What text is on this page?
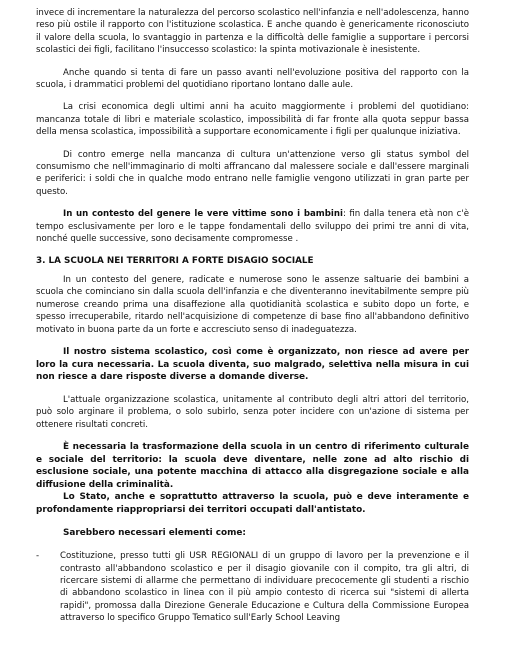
invece di incrementare la naturalezza del percorso scolastico nell'infanzia e nell'adolescenza, hanno reso più ostile il rapporto con l'istituzione scolastica. E anche quando è genericamente riconosciuto il valore della scuola, lo svantaggio in partenza e la difficoltà delle famiglie a supportare i percorsi scolastici dei figli, facilitano l'insuccesso scolastico: la spinta motivazionale è inesistente.

Anche quando si tenta di fare un passo avanti nell'evoluzione positiva del rapporto con la scuola, i drammatici problemi del quotidiano riportano lontano dalle aule.

La crisi economica degli ultimi anni ha acuito maggiormente i problemi del quotidiano: mancanza totale di libri e materiale scolastico, impossibilità di far fronte alla quota seppur bassa della mensa scolastica, impossibilità a supportare economicamente i figli per qualunque iniziativa.

Di contro emerge nella mancanza di cultura un'attenzione verso gli status symbol del consumismo che nell'immaginario di molti affrancano dal malessere sociale e dall'essere marginali e periferici: i soldi che in qualche modo entrano nelle famiglie vengono utilizzati in gran parte per questo.

In un contesto del genere le vere vittime sono i bambini: fin dalla tenera età non c'è tempo esclusivamente per loro e le tappe fondamentali dello sviluppo dei primi tre anni di vita, nonché quelle successive, sono decisamente compromesse .

3. LA SCUOLA NEI TERRITORI A FORTE DISAGIO SOCIALE

In un contesto del genere, radicate e numerose sono le assenze saltuarie dei bambini a scuola che cominciano sin dalla scuola dell'infanzia e che diventeranno inevitabilmente sempre più numerose creando prima una disaffezione alla quotidianità scolastica e subito dopo un forte, e spesso irrecuperabile, ritardo nell'acquisizione di competenze di base fino all'abbandono definitivo motivato in buona parte da un forte e accresciuto senso di inadeguatezza.

Il nostro sistema scolastico, così come è organizzato, non riesce ad avere per loro la cura necessaria. La scuola diventa, suo malgrado, selettiva nella misura in cui non riesce a dare risposte diverse a domande diverse.

L'attuale organizzazione scolastica, unitamente al contributo degli altri attori del territorio, può solo arginare il problema, o solo subirlo, senza poter incidere con un'azione di sistema per ottenere risultati concreti.

È necessaria la trasformazione della scuola in un centro di riferimento culturale e sociale del territorio: la scuola deve diventare, nelle zone ad alto rischio di esclusione sociale, una potente macchina di attacco alla disgregazione sociale e alla diffusione della criminalità.

Lo Stato, anche e soprattutto attraverso la scuola, può e deve interamente e profondamente riappropriarsi dei territori occupati dall'antistato.

Sarebbero necessari elementi come:

- Costituzione, presso tutti gli USR REGIONALI di un gruppo di lavoro per la prevenzione e il contrasto all'abbandono scolastico e per il disagio giovanile con il compito, tra gli altri, di ricercare sistemi di allarme che permettano di individuare precocemente gli studenti a rischio di abbandono scolastico in linea con il più ampio contesto di ricerca sui "sistemi di allerta rapidi", promossa dalla Direzione Generale Educazione e Cultura della Commissione Europea attraverso lo specifico Gruppo Tematico sull'Early School Leaving
